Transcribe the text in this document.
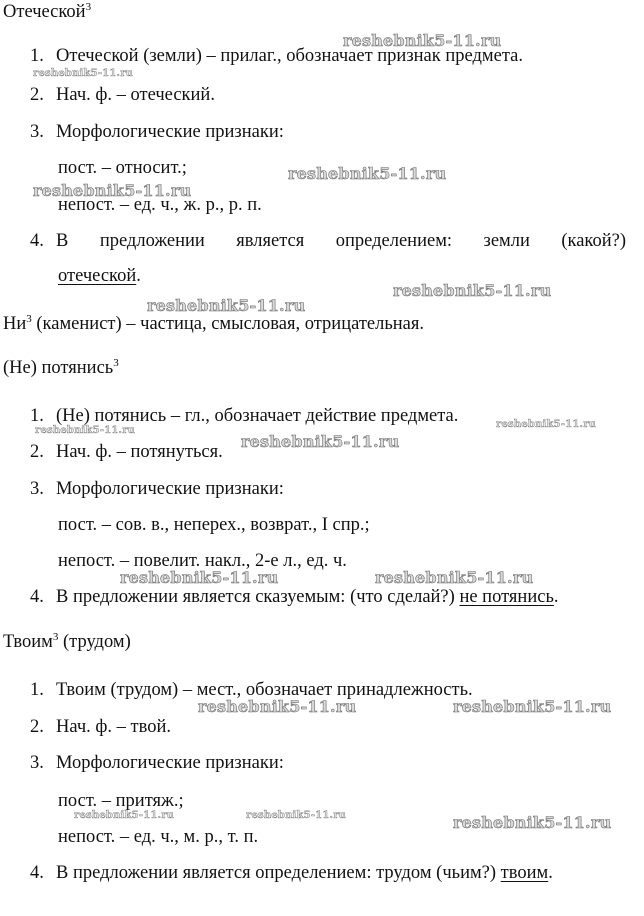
Отеческой$^3$
1. Отеческой (земли) – прилаг., обозначает признак предмета.
2. Нач. ф. – отеческий.
3. Морфологические признаки:
пост. – относит.;
непост. – ед. ч., ж. р., р. п.
4. В предложении является определением: земли (какой?)
отеческой.
$Ни^3$ (каменист) – частица, смысловая, отрицательная.
(Не) потянись$^3$
1. (Не) потянись – гл., обозначает действие предмета.
2. Нач. ф. – потянуться.
3. Морфологические признаки:
пост. – сов. в., неперех., возврат., I спр.;
непост. – повелит. накл., 2-е л., ед. ч.
4. В предложении является сказуемым: (что сделай?) не потянись.
Твоим$^3$ (трудом)
1. Твоим (трудом) – мест., обозначает принадлежность.
2. Нач. ф. – твой.
3. Морфологические признаки:
пост. – притяж.;
непост. – ед. ч., м. р., т. п.
4. В предложении является определением: трудом (чьим?) твоим.
reshebnik5-11.ru
reshebnik5-11.ru
reshebnik5-11.ru
reshebnik5-11.ru
reshebnik5-11.ru
reshebnik5-11.ru
reshebnik5-11.ru
reshebnik5-11.ru
reshebnik5-11.ru
reshebnik5-11.ru	reshebnik5-11.ru
reshebnik5-11.ru	reshebnik5-11.ru
reshebnik5-11.ru	reshebnik5-11.ru	reshebnik5-11.ru
